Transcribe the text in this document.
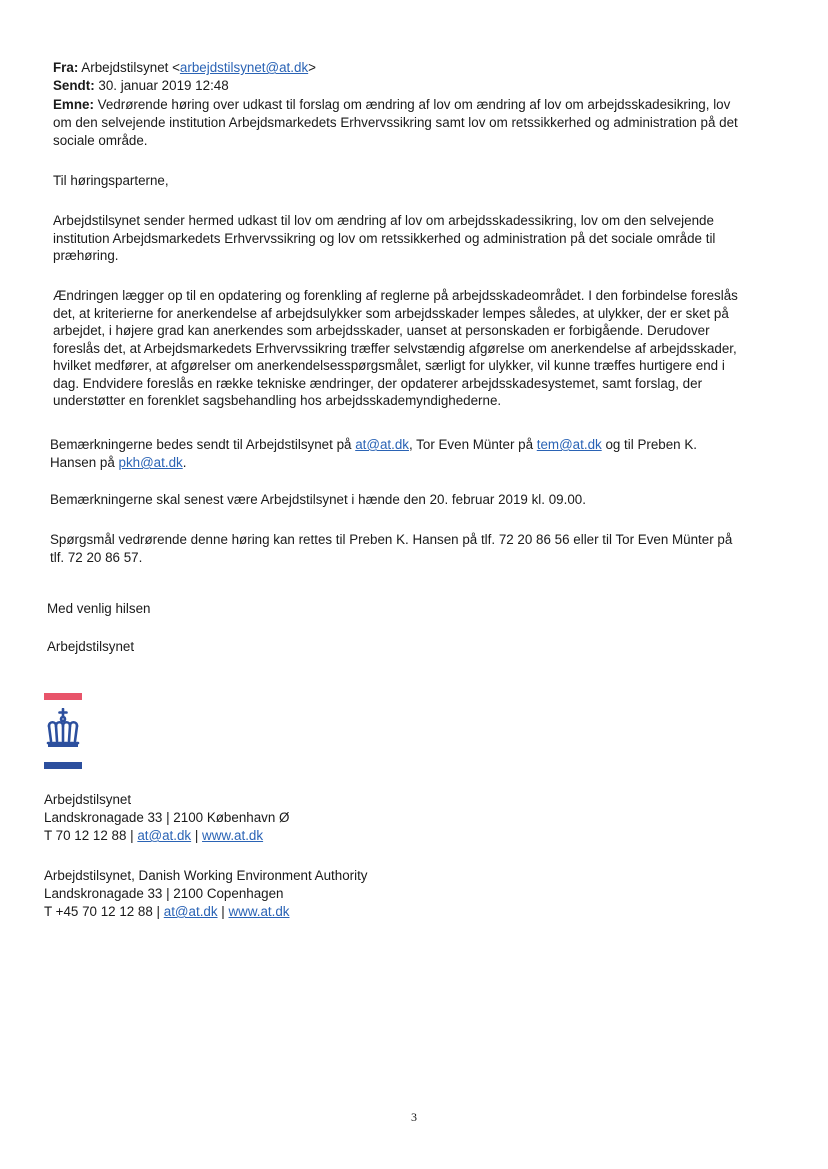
Fra: Arbejdstilsynet <arbejdstilsynet@at.dk>
Sendt: 30. januar 2019 12:48
Emne: Vedrørende høring over udkast til forslag om ændring af lov om ændring af lov om arbejdsskadesikring, lov
om den selvejende institution Arbejdsmarkedets Erhvervssikring samt lov om retssikkerhed og administration på det
sociale område.
Til høringsparterne,
Arbejdstilsynet sender hermed udkast til lov om ændring af lov om arbejdsskadessikring, lov om den selvejende
institution Arbejdsmarkedets Erhvervssikring og lov om retssikkerhed og administration på det sociale område til
præhøring.
Ændringen lægger op til en opdatering og forenkling af reglerne på arbejdsskadeområdet. I den forbindelse foreslås
det, at kriterierne for anerkendelse af arbejdsulykker som arbejdsskader lempes således, at ulykker, der er sket på
arbejdet, i højere grad kan anerkendes som arbejdsskader, uanset at personskaden er forbigående. Derudover
foreslås det, at Arbejdsmarkedets Erhvervssikring træffer selvstændig afgørelse om anerkendelse af arbejdsskader,
hvilket medfører, at afgørelser om anerkendelsesspørgsmålet, særligt for ulykker, vil kunne træffes hurtigere end i
dag. Endvidere foreslås en række tekniske ændringer, der opdaterer arbejdsskadesystemet, samt forslag, der
understøtter en forenklet sagsbehandling hos arbejdsskademyndighederne.
Bemærkningerne bedes sendt til Arbejdstilsynet på at@at.dk, Tor Even Münter på tem@at.dk og til Preben K.
Hansen på pkh@at.dk.
Bemærkningerne skal senest være Arbejdstilsynet i hænde den 20. februar 2019 kl. 09.00.
Spørgsmål vedrørende denne høring kan rettes til Preben K. Hansen på tlf. 72 20 86 56 eller til Tor Even Münter på
tlf. 72 20 86 57.
Med venlig hilsen
Arbejdstilsynet
Arbejdstilsynet
Landskronagade 33 | 2100 København Ø
T 70 12 12 88 | at@at.dk | www.at.dk
Arbejdstilsynet, Danish Working Environment Authority
Landskronagade 33 | 2100 Copenhagen
T +45 70 12 12 88 | at@at.dk | www.at.dk
3
